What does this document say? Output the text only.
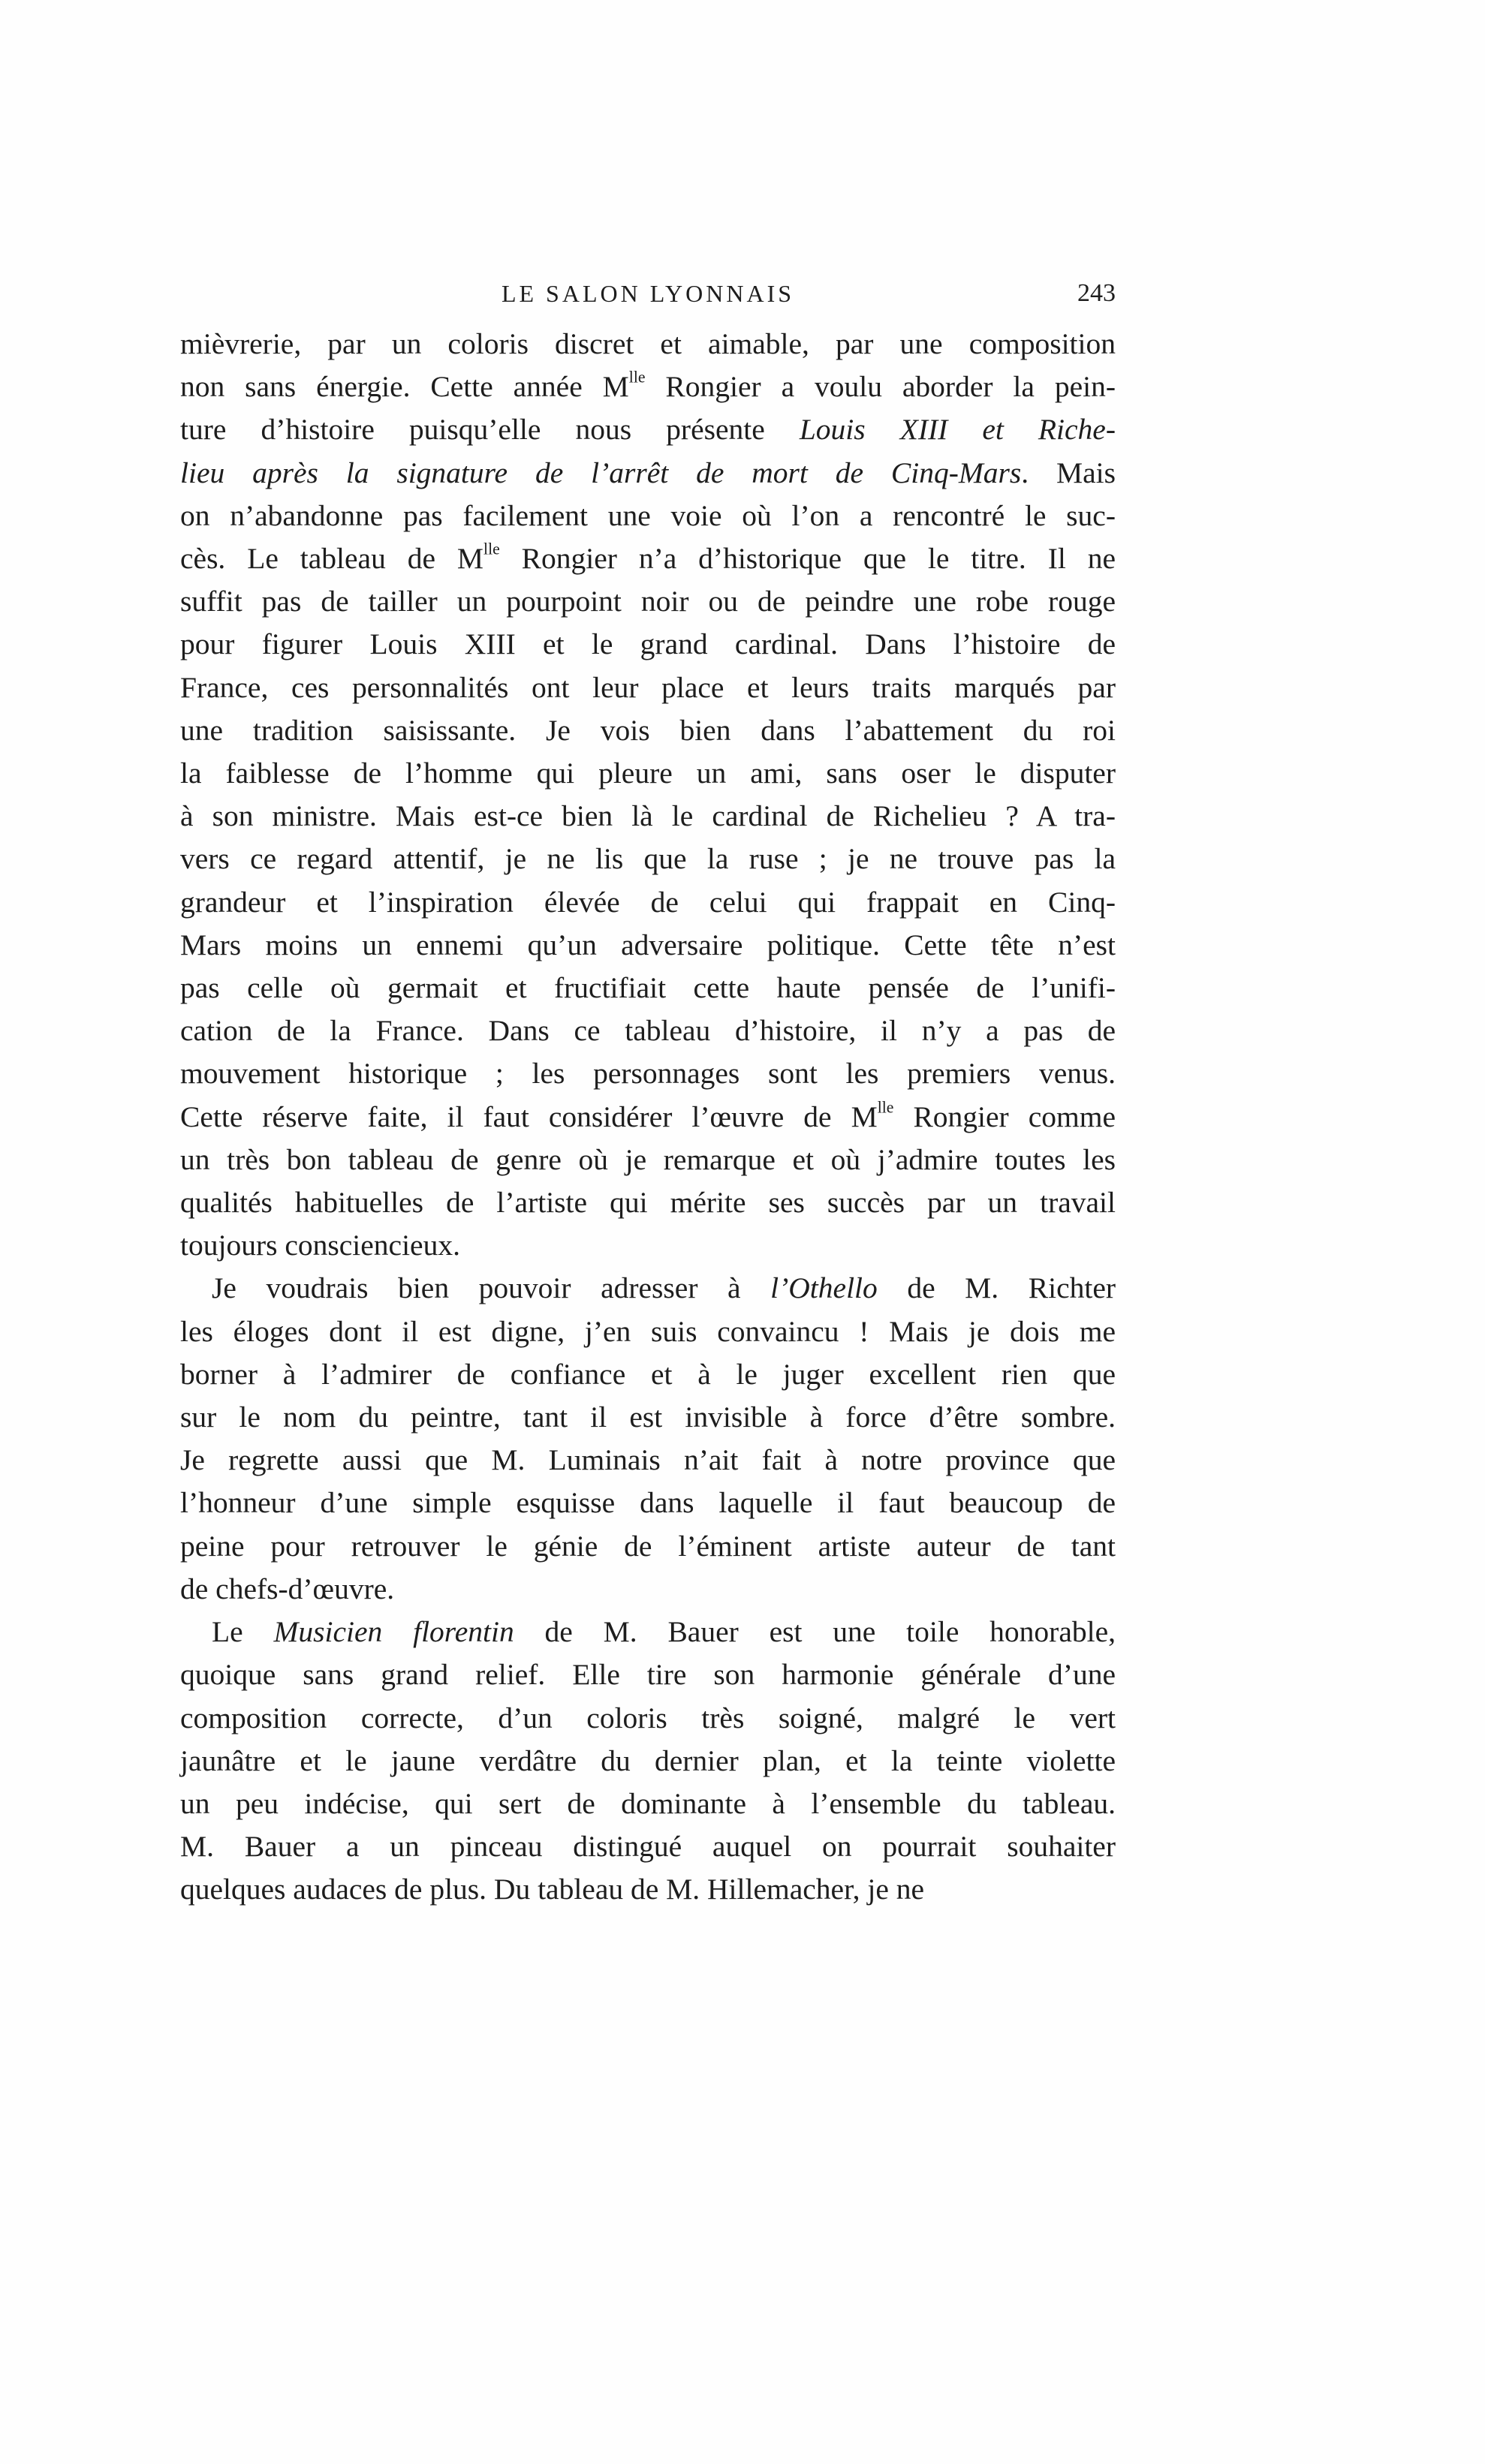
LE SALON LYONNAIS	243
mièvrerie, par un coloris discret et aimable, par une composition
non sans énergie. Cette année $M^{lle}$ Rongier a voulu aborder la pein-
ture d’histoire puisqu’elle nous présente Louis XIII et Riche-
lieu après la signature de l’arrêt de mort de Cinq-Mars. Mais
on n’abandonne pas facilement une voie où l’on a rencontré le suc-
cès. Le tableau de $M^{lle}$ Rongier n’a d’historique que le titre. Il ne
suffit pas de tailler un pourpoint noir ou de peindre une robe rouge
pour figurer Louis XIII et le grand cardinal. Dans l’histoire de
France, ces personnalités ont leur place et leurs traits marqués par
une tradition saisissante. Je vois bien dans l’abattement du roi
la faiblesse de l’homme qui pleure un ami, sans oser le disputer
à son ministre. Mais est-ce bien là le cardinal de Richelieu ? A tra-
vers ce regard attentif, je ne lis que la ruse ; je ne trouve pas la
grandeur et l’inspiration élevée de celui qui frappait en Cinq-
Mars moins un ennemi qu’un adversaire politique. Cette tête n’est
pas celle où germait et fructifiait cette haute pensée de l’unifi-
cation de la France. Dans ce tableau d’histoire, il n’y a pas de
mouvement historique ; les personnages sont les premiers venus.
Cette réserve faite, il faut considérer l’œuvre de $M^{lle}$ Rongier comme
un très bon tableau de genre où je remarque et où j’admire toutes les
qualités habituelles de l’artiste qui mérite ses succès par un travail
toujours consciencieux.
Je voudrais bien pouvoir adresser à l’Othello de M. Richter
les éloges dont il est digne, j’en suis convaincu ! Mais je dois me
borner à l’admirer de confiance et à le juger excellent rien que
sur le nom du peintre, tant il est invisible à force d’être sombre.
Je regrette aussi que M. Luminais n’ait fait à notre province que
l’honneur d’une simple esquisse dans laquelle il faut beaucoup de
peine pour retrouver le génie de l’éminent artiste auteur de tant
de chefs-d’œuvre.
Le Musicien florentin de M. Bauer est une toile honorable,
quoique sans grand relief. Elle tire son harmonie générale d’une
composition correcte, d’un coloris très soigné, malgré le vert
jaunâtre et le jaune verdâtre du dernier plan, et la teinte violette
un peu indécise, qui sert de dominante à l’ensemble du tableau.
M. Bauer a un pinceau distingué auquel on pourrait souhaiter
quelques audaces de plus. Du tableau de M. Hillemacher, je ne
